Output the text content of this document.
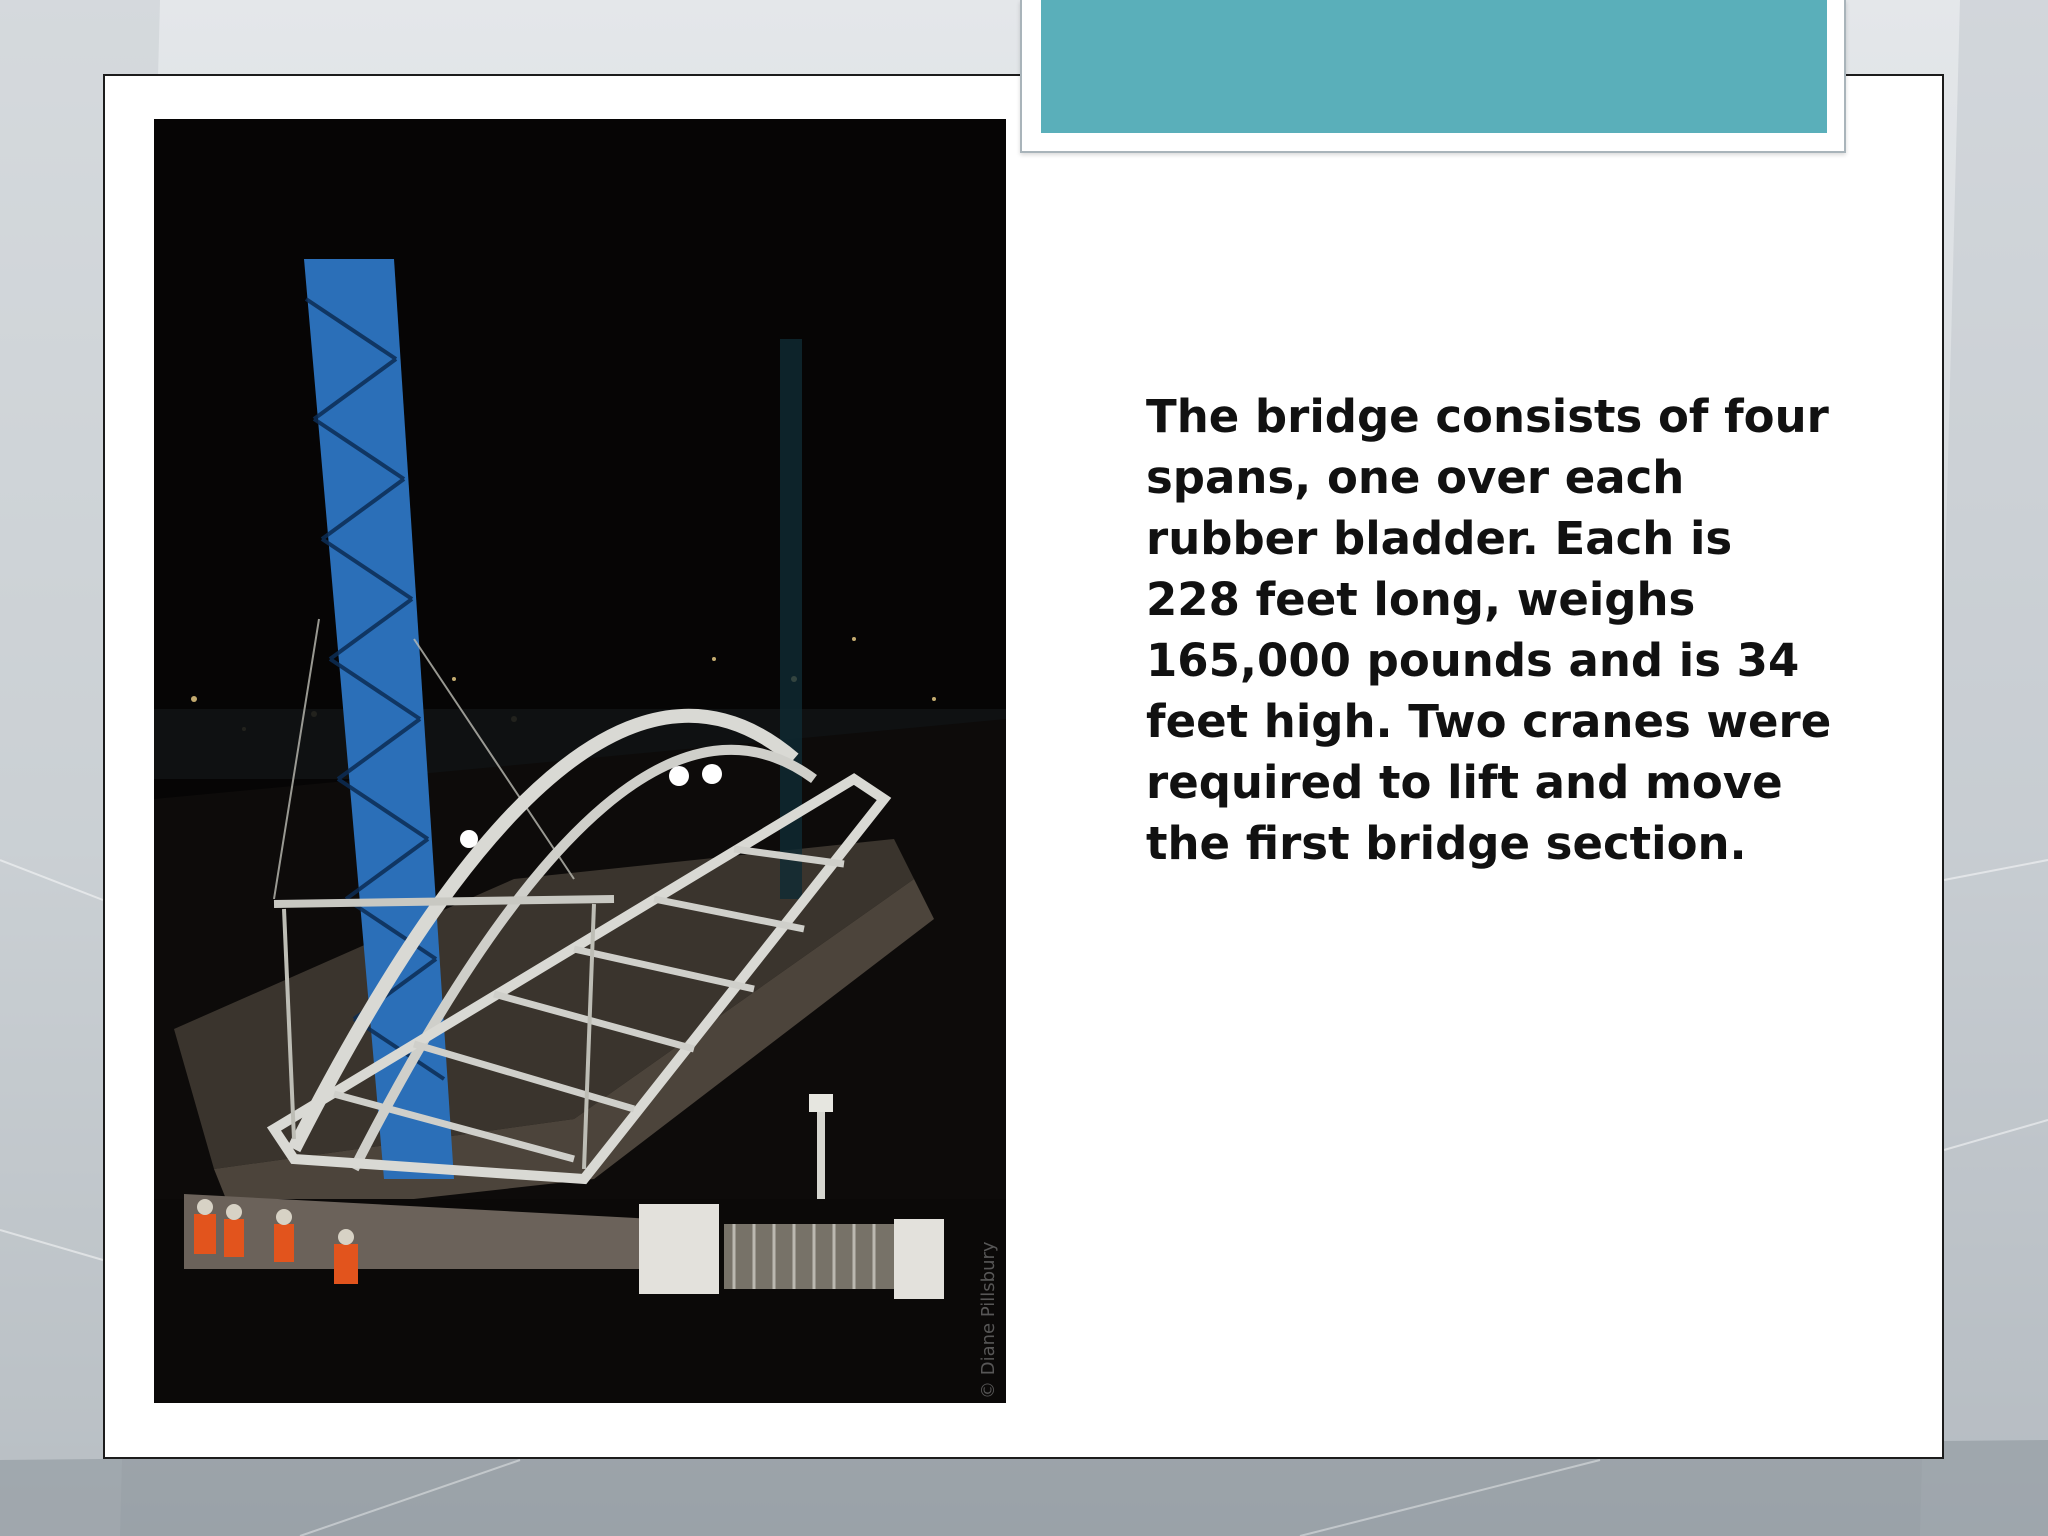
© Diane Pillsbury

The bridge consists of four
spans, one over each
rubber bladder. Each is
228 feet long, weighs
165,000 pounds and is 34
feet high. Two cranes were
required to lift and move
the first bridge section.
